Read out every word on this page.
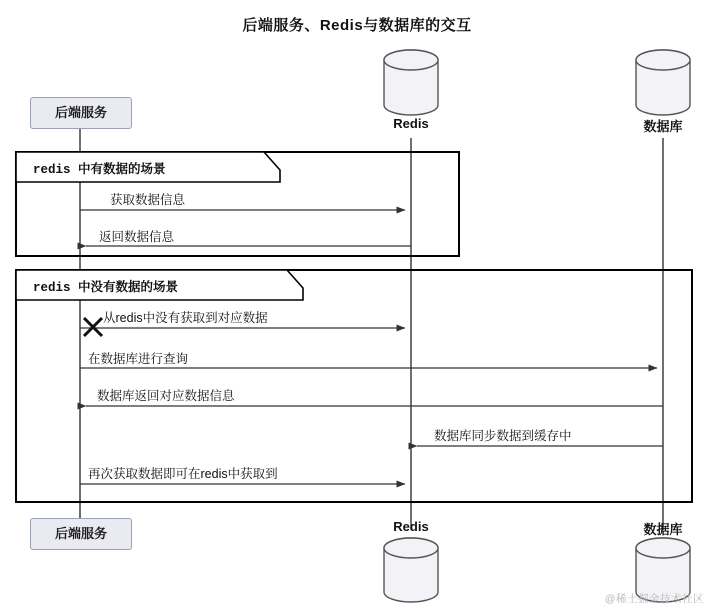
后端服务、Redis与数据库的交互
后端服务
后端服务
Redis	数据库
Redis	数据库
redis 中有数据的场景
redis 中没有数据的场景
获取数据信息
返回数据信息
从redis中没有获取到对应数据
在数据库进行查询
数据库返回对应数据信息
数据库同步数据到缓存中
再次获取数据即可在redis中获取到
@稀土掘金技术社区
